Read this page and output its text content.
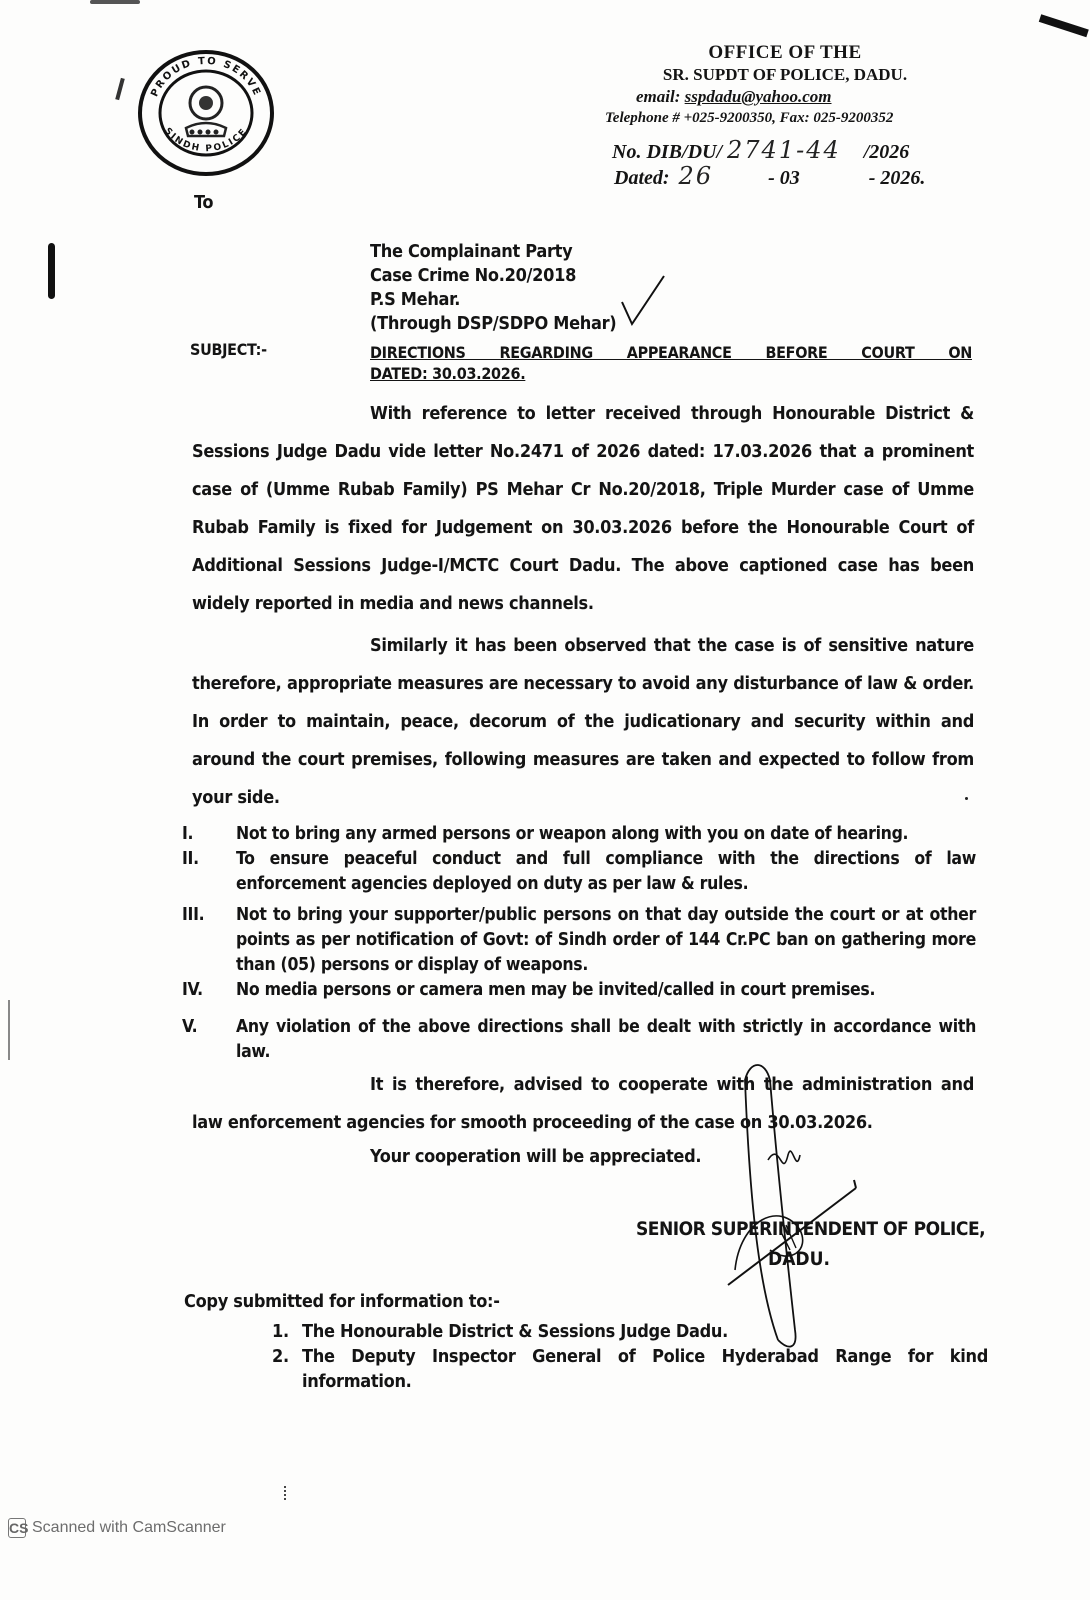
PROUD TO SERVE
SINDH POLICE
OFFICE OF THE
SR. SUPDT OF POLICE, DADU.
email: sspdadu@yahoo.com
Telephone # +025-9200350, Fax: 025-9200352
No. DIB/DU/ 2741-44 /2026
Dated: 26	- 03	- 2026.
To
The Complainant Party
Case Crime No.20/2018
P.S Mehar.
(Through DSP/SDPO Mehar)
SUBJECT:-	DIRECTIONS REGARDING APPEARANCE BEFORE COURT ON
DATED: 30.03.2026.
With reference to letter received through Honourable District & Sessions Judge Dadu vide letter No.2471 of 2026 dated: 17.03.2026 that a prominent case of (Umme Rubab Family) PS Mehar Cr No.20/2018, Triple Murder case of Umme Rubab Family is fixed for Judgement on 30.03.2026 before the Honourable Court of Additional Sessions Judge-I/MCTC Court Dadu. The above captioned case has been widely reported in media and news channels.
Similarly it has been observed that the case is of sensitive nature therefore, appropriate measures are necessary to avoid any disturbance of law & order. In order to maintain, peace, decorum of the judicationary and security within and around the court premises, following measures are taken and expected to follow from your side.
I.	Not to bring any armed persons or weapon along with you on date of hearing.
II.	To ensure peaceful conduct and full compliance with the directions of law enforcement agencies deployed on duty as per law & rules.
III.	Not to bring your supporter/public persons on that day outside the court or at other points as per notification of Govt: of Sindh order of 144 Cr.PC ban on gathering more than (05) persons or display of weapons.
IV.	No media persons or camera men may be invited/called in court premises.
V.	Any violation of the above directions shall be dealt with strictly in accordance with law.
It is therefore, advised to cooperate with the administration and law enforcement agencies for smooth proceeding of the case on 30.03.2026.
Your cooperation will be appreciated.
SENIOR SUPERINTENDENT OF POLICE,
DADU.
Copy submitted for information to:-
1. The Honourable District & Sessions Judge Dadu.
2. The Deputy Inspector General of Police Hyderabad Range for kind information.
CS Scanned with CamScanner
